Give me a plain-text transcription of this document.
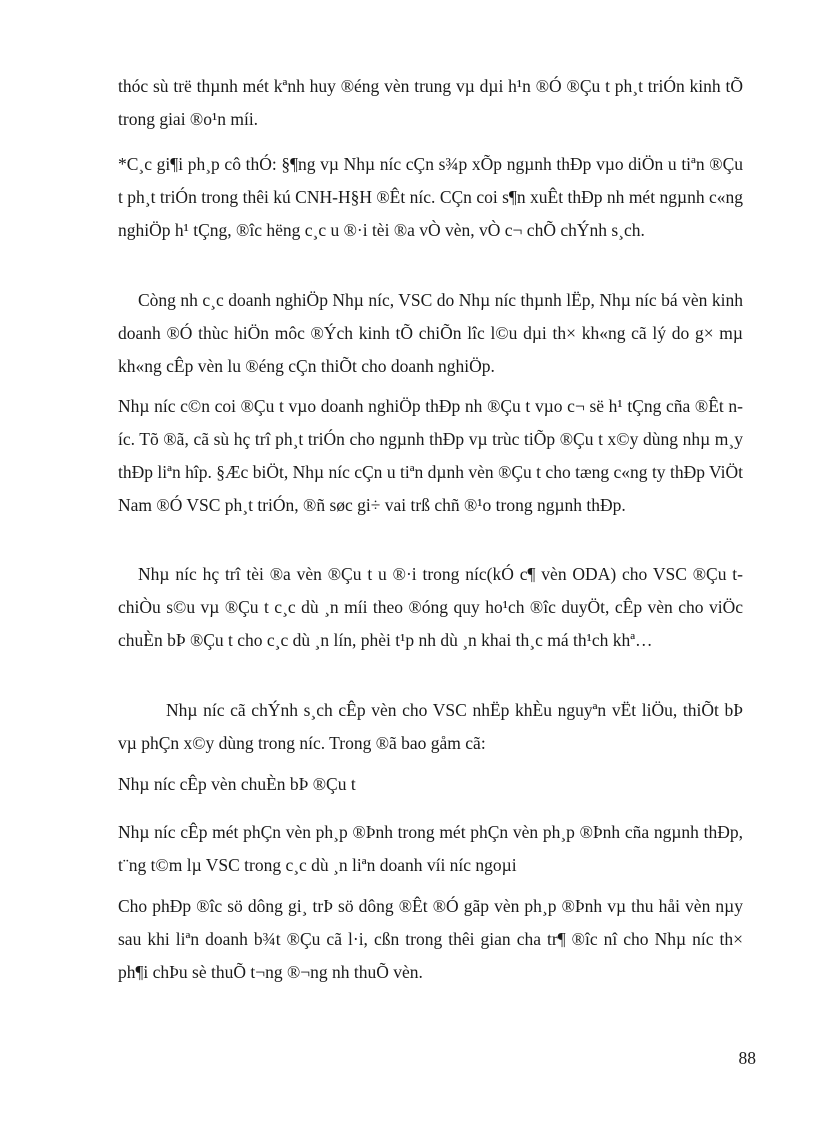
thóc sù trë thµnh mét kªnh huy ®éng vèn trung vµ dµi h¹n ®Ó ®Çu t ph¸t triÓn kinh tÕ trong giai ®o¹n míi.

*C¸c gi¶i ph¸p cô thÓ: §¶ng vµ Nhµ níc cÇn s¾p xÕp ngµnh thÐp vµo diÖn u tiªn ®Çu t ph¸t triÓn trong thêi kú CNH-H§H ®Êt níc. CÇn coi s¶n xuÊt thÐp nh mét ngµnh c«ng nghiÖp h¹ tÇng, ®îc hëng c¸c u ®·i tèi ®a vÒ vèn, vÒ c¬ chÕ chÝnh s¸ch.

Còng nh c¸c doanh nghiÖp Nhµ níc, VSC do Nhµ níc thµnh lËp, Nhµ níc bá vèn kinh doanh ®Ó thùc hiÖn môc ®Ých kinh tÕ chiÕn lîc l©u dµi th× kh«ng cã lý do g× mµ kh«ng cÊp vèn lu ®éng cÇn thiÕt cho doanh nghiÖp.

Nhµ níc c©n coi ®Çu t vµo doanh nghiÖp thÐp nh ®Çu t vµo c¬ së h¹ tÇng cña ®Êt níc. Tõ ®ã, cã sù hç trî ph¸t triÓn cho ngµnh thÐp vµ trùc tiÕp ®Çu t x©y dùng nhµ m¸y thÐp liªn hîp. §Æc biÖt, Nhµ níc cÇn u tiªn dµnh vèn ®Çu t cho tæng c«ng ty thÐp ViÖt Nam ®Ó VSC ph¸t triÓn, ®ñ søc gi÷ vai trß chñ ®¹o trong ngµnh thÐp.

Nhµ níc hç trî tèi ®a vèn ®Çu t u ®·i trong níc(kÓ c¶ vèn ODA) cho VSC ®Çu t chiÒu s©u vµ ®Çu t c¸c dù ¸n míi theo ®óng quy ho¹ch ®îc duyÖt, cÊp vèn cho viÖc chuÈn bÞ ®Çu t cho c¸c dù ¸n lín, phèi t¹p nh dù ¸n khai th¸c má th¹ch khª…

Nhµ níc cã chÝnh s¸ch cÊp vèn cho VSC nhËp khÈu nguyªn vËt liÖu, thiÕt bÞ vµ phÇn x©y dùng trong níc. Trong ®ã bao gåm cã:

Nhµ níc cÊp vèn chuÈn bÞ ®Çu t

Nhµ níc cÊp mét phÇn vèn ph¸p ®Þnh trong mét phÇn vèn ph¸p ®Þnh cña ngµnh thÐp, t¨ng t©m lµ VSC trong c¸c dù ¸n liªn doanh víi níc ngoµi

Cho phÐp ®îc sö dông gi¸ trÞ sö dông ®Êt ®Ó gãp vèn ph¸p ®Þnh vµ thu håi vèn nµy sau khi liªn doanh b¾t ®Çu cã l·i, cßn trong thêi gian cha tr¶ ®îc nî cho Nhµ níc th× ph¶i chÞu sè thuÕ t¬ng ®¬ng nh thuÕ vèn.

88
